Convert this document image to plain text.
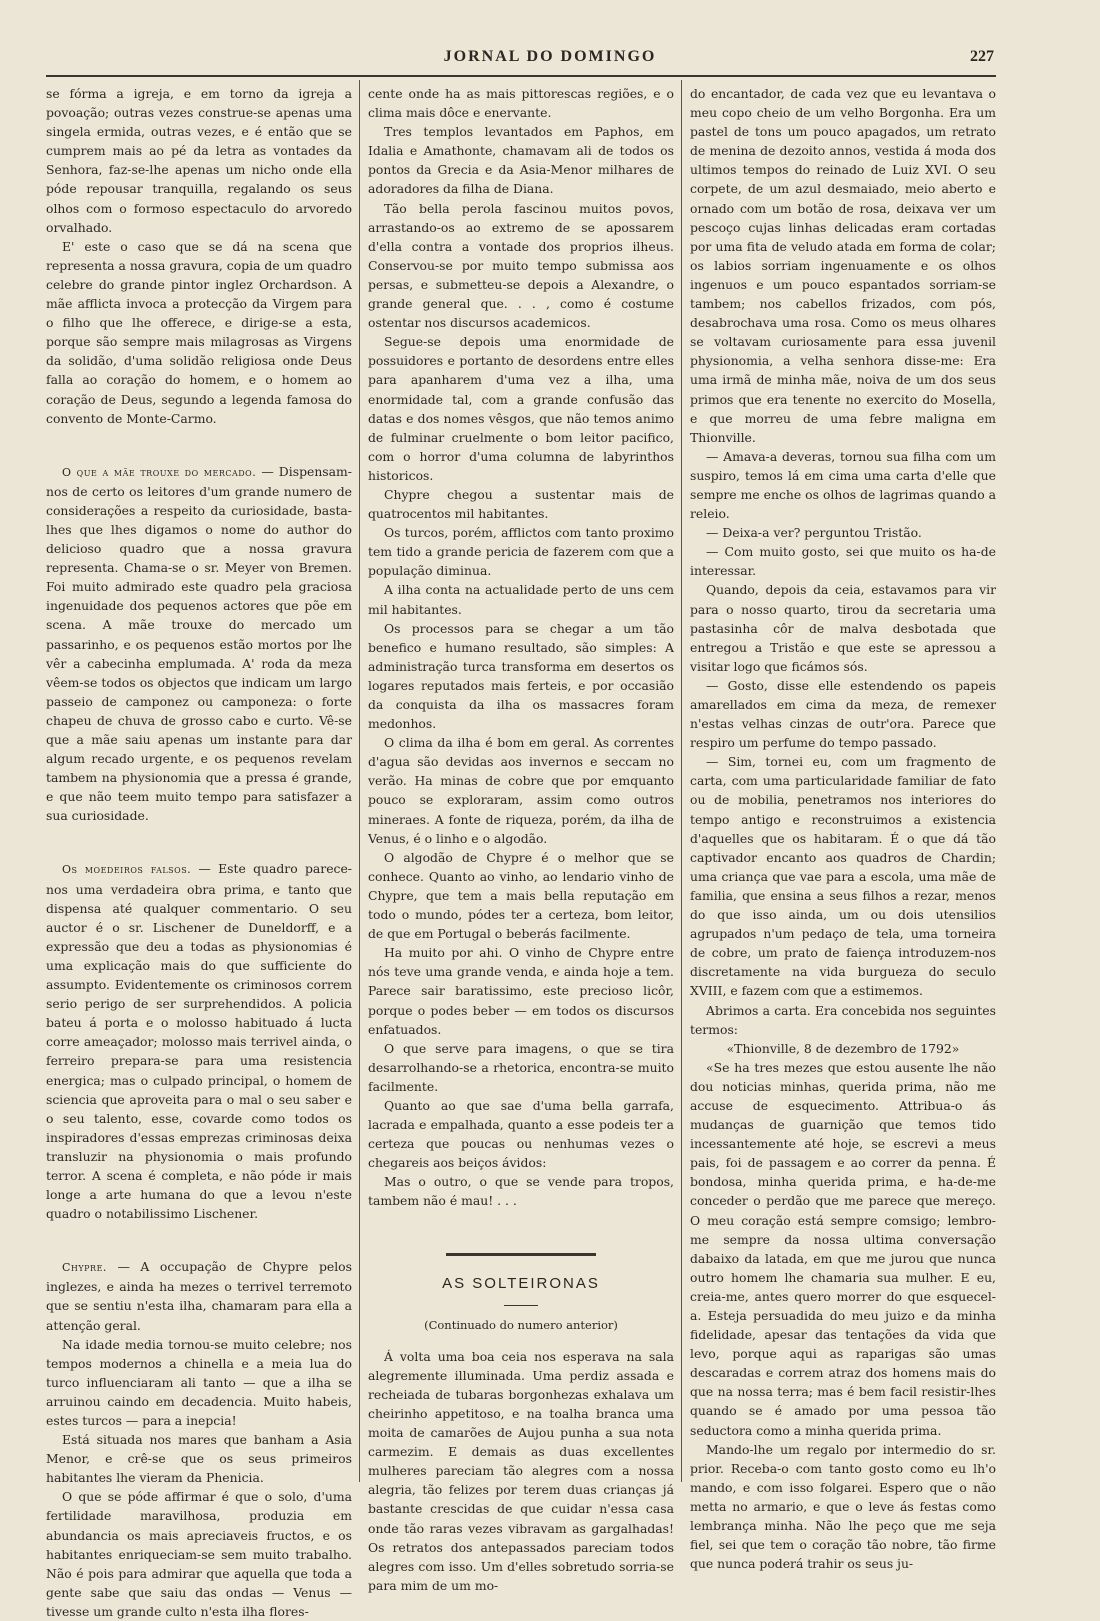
JORNAL DO DOMINGO	227

se fórma a igreja, e em torno da igreja a povoação; outras vezes construe-se apenas uma singela ermida, outras vezes, e é então que se cumprem mais ao pé da letra as vontades da Senhora, faz-se-lhe apenas um nicho onde ella póde repousar tranquilla, regalando os seus olhos com o formoso espectaculo do arvoredo orvalhado.

E' este o caso que se dá na scena que representa a nossa gravura, copia de um quadro celebre do grande pintor inglez Orchardson. A mãe afflicta invoca a protecção da Virgem para o filho que lhe offerece, e dirige-se a esta, porque são sempre mais milagrosas as Virgens da solidão, d'uma solidão religiosa onde Deus falla ao coração do homem, e o homem ao coração de Deus, segundo a legenda famosa do convento de Monte-Carmo.

O que a mãe trouxe do mercado. — Dispensam-nos de certo os leitores d'um grande numero de considerações a respeito da curiosidade, basta-lhes que lhes digamos o nome do author do delicioso quadro que a nossa gravura representa. Chama-se o sr. Meyer von Bremen. Foi muito admirado este quadro pela graciosa ingenuidade dos pequenos actores que põe em scena. A mãe trouxe do mercado um passarinho, e os pequenos estão mortos por lhe vêr a cabecinha emplumada. A' roda da meza vêem-se todos os objectos que indicam um largo passeio de camponez ou camponeza: o forte chapeu de chuva de grosso cabo e curto. Vê-se que a mãe saiu apenas um instante para dar algum recado urgente, e os pequenos revelam tambem na physionomia que a pressa é grande, e que não teem muito tempo para satisfazer a sua curiosidade.

Os moedeiros falsos. — Este quadro parece-nos uma verdadeira obra prima, e tanto que dispensa até qualquer commentario. O seu auctor é o sr. Lischener de Duneldorff, e a expressão que deu a todas as physionomias é uma explicação mais do que sufficiente do assumpto. Evidentemente os criminosos correm serio perigo de ser surprehendidos. A policia bateu á porta e o molosso habituado á lucta corre ameaçador; molosso mais terrivel ainda, o ferreiro prepara-se para uma resistencia energica; mas o culpado principal, o homem de sciencia que aproveita para o mal o seu saber e o seu talento, esse, covarde como todos os inspiradores d'essas emprezas criminosas deixa transluzir na physionomia o mais profundo terror. A scena é completa, e não póde ir mais longe a arte humana do que a levou n'este quadro o notabilissimo Lischener.

Chypre. — A occupação de Chypre pelos inglezes, e ainda ha mezes o terrivel terremoto que se sentiu n'esta ilha, chamaram para ella a attenção geral.

Na idade media tornou-se muito celebre; nos tempos modernos a chinella e a meia lua do turco influenciaram ali tanto — que a ilha se arruinou caindo em decadencia. Muito habeis, estes turcos — para a inepcia!

Está situada nos mares que banham a Asia Menor, e crê-se que os seus primeiros habitantes lhe vieram da Phenicia.

O que se póde affirmar é que o solo, d'uma fertilidade maravilhosa, produzia em abundancia os mais apreciaveis fructos, e os habitantes enriqueciam-se sem muito trabalho. Não é pois para admirar que aquella que toda a gente sabe que saiu das ondas — Venus — tivesse um grande culto n'esta ilha flores-

cente onde ha as mais pittorescas regiões, e o clima mais dôce e enervante.

Tres templos levantados em Paphos, em Idalia e Amathonte, chamavam ali de todos os pontos da Grecia e da Asia-Menor milhares de adoradores da filha de Diana.

Tão bella perola fascinou muitos povos, arrastando-os ao extremo de se apossarem d'ella contra a vontade dos proprios ilheus. Conservou-se por muito tempo submissa aos persas, e submetteu-se depois a Alexandre, o grande general que. . . , como é costume ostentar nos discursos academicos.

Segue-se depois uma enormidade de possuidores e portanto de desordens entre elles para apanharem d'uma vez a ilha, uma enormidade tal, com a grande confusão das datas e dos nomes vêsgos, que não temos animo de fulminar cruelmente o bom leitor pacifico, com o horror d'uma columna de labyrinthos historicos.

Chypre chegou a sustentar mais de quatrocentos mil habitantes.

Os turcos, porém, afflictos com tanto proximo tem tido a grande pericia de fazerem com que a população diminua.

A ilha conta na actualidade perto de uns cem mil habitantes.

Os processos para se chegar a um tão benefico e humano resultado, são simples: A administração turca transforma em desertos os logares reputados mais ferteis, e por occasião da conquista da ilha os massacres foram medonhos.

O clima da ilha é bom em geral. As correntes d'agua são devidas aos invernos e seccam no verão. Ha minas de cobre que por emquanto pouco se exploraram, assim como outros mineraes. A fonte de riqueza, porém, da ilha de Venus, é o linho e o algodão.

O algodão de Chypre é o melhor que se conhece. Quanto ao vinho, ao lendario vinho de Chypre, que tem a mais bella reputação em todo o mundo, pódes ter a certeza, bom leitor, de que em Portugal o beberás facilmente.

Ha muito por ahi. O vinho de Chypre entre nós teve uma grande venda, e ainda hoje a tem. Parece sair baratissimo, este precioso licôr, porque o podes beber — em todos os discursos enfatuados.

O que serve para imagens, o que se tira desarrolhando-se a rhetorica, encontra-se muito facilmente.

Quanto ao que sae d'uma bella garrafa, lacrada e empalhada, quanto a esse podeis ter a certeza que poucas ou nenhumas vezes o chegareis aos beiços ávidos:

Mas o outro, o que se vende para tropos, tambem não é mau! . . .

AS SOLTEIRONAS
(Continuado do numero anterior)

Á volta uma boa ceia nos esperava na sala alegremente illuminada. Uma perdiz assada e recheiada de tubaras borgonhezas exhalava um cheirinho appetitoso, e na toalha branca uma moita de camarões de Aujou punha a sua nota carmezim. E demais as duas excellentes mulheres pareciam tão alegres com a nossa alegria, tão felizes por terem duas crianças já bastante crescidas de que cuidar n'essa casa onde tão raras vezes vibravam as gargalhadas! Os retratos dos antepassados pareciam todos alegres com isso. Um d'elles sobretudo sorria-se para mim de um mo-

do encantador, de cada vez que eu levantava o meu copo cheio de um velho Borgonha. Era um pastel de tons um pouco apagados, um retrato de menina de dezoito annos, vestida á moda dos ultimos tempos do reinado de Luiz XVI. O seu corpete, de um azul desmaiado, meio aberto e ornado com um botão de rosa, deixava ver um pescoço cujas linhas delicadas eram cortadas por uma fita de veludo atada em forma de colar; os labios sorriam ingenuamente e os olhos ingenuos e um pouco espantados sorriam-se tambem; nos cabellos frizados, com pós, desabrochava uma rosa. Como os meus olhares se voltavam curiosamente para essa juvenil physionomia, a velha senhora disse-me: Era uma irmã de minha mãe, noiva de um dos seus primos que era tenente no exercito do Mosella, e que morreu de uma febre maligna em Thionville.

— Amava-a deveras, tornou sua filha com um suspiro, temos lá em cima uma carta d'elle que sempre me enche os olhos de lagrimas quando a releio.

— Deixa-a ver? perguntou Tristão.

— Com muito gosto, sei que muito os ha-de interessar.

Quando, depois da ceia, estavamos para vir para o nosso quarto, tirou da secretaria uma pastasinha côr de malva desbotada que entregou a Tristão e que este se apressou a visitar logo que ficámos sós.

— Gosto, disse elle estendendo os papeis amarellados em cima da meza, de remexer n'estas velhas cinzas de outr'ora. Parece que respiro um perfume do tempo passado.

— Sim, tornei eu, com um fragmento de carta, com uma particularidade familiar de fato ou de mobilia, penetramos nos interiores do tempo antigo e reconstruimos a existencia d'aquelles que os habitaram. É o que dá tão captivador encanto aos quadros de Chardin; uma criança que vae para a escola, uma mãe de familia, que ensina a seus filhos a rezar, menos do que isso ainda, um ou dois utensilios agrupados n'um pedaço de tela, uma torneira de cobre, um prato de faiença introduzem-nos discretamente na vida burgueza do seculo XVIII, e fazem com que a estimemos.

Abrimos a carta. Era concebida nos seguintes termos:

«Thionville, 8 de dezembro de 1792»

«Se ha tres mezes que estou ausente lhe não dou noticias minhas, querida prima, não me accuse de esquecimento. Attribua-o ás mudanças de guarnição que temos tido incessantemente até hoje, se escrevi a meus pais, foi de passagem e ao correr da penna. É bondosa, minha querida prima, e ha-de-me conceder o perdão que me parece que mereço. O meu coração está sempre comsigo; lembro-me sempre da nossa ultima conversação dabaixo da latada, em que me jurou que nunca outro homem lhe chamaria sua mulher. E eu, creia-me, antes quero morrer do que esquecel-a. Esteja persuadida do meu juizo e da minha fidelidade, apesar das tentações da vida que levo, porque aqui as raparigas são umas descaradas e correm atraz dos homens mais do que na nossa terra; mas é bem facil resistir-lhes quando se é amado por uma pessoa tão seductora como a minha querida prima.

Mando-lhe um regalo por intermedio do sr. prior. Receba-o com tanto gosto como eu lh'o mando, e com isso folgarei. Espero que o não metta no armario, e que o leve ás festas como lembrança minha. Não lhe peço que me seja fiel, sei que tem o coração tão nobre, tão firme que nunca poderá trahir os seus ju-
